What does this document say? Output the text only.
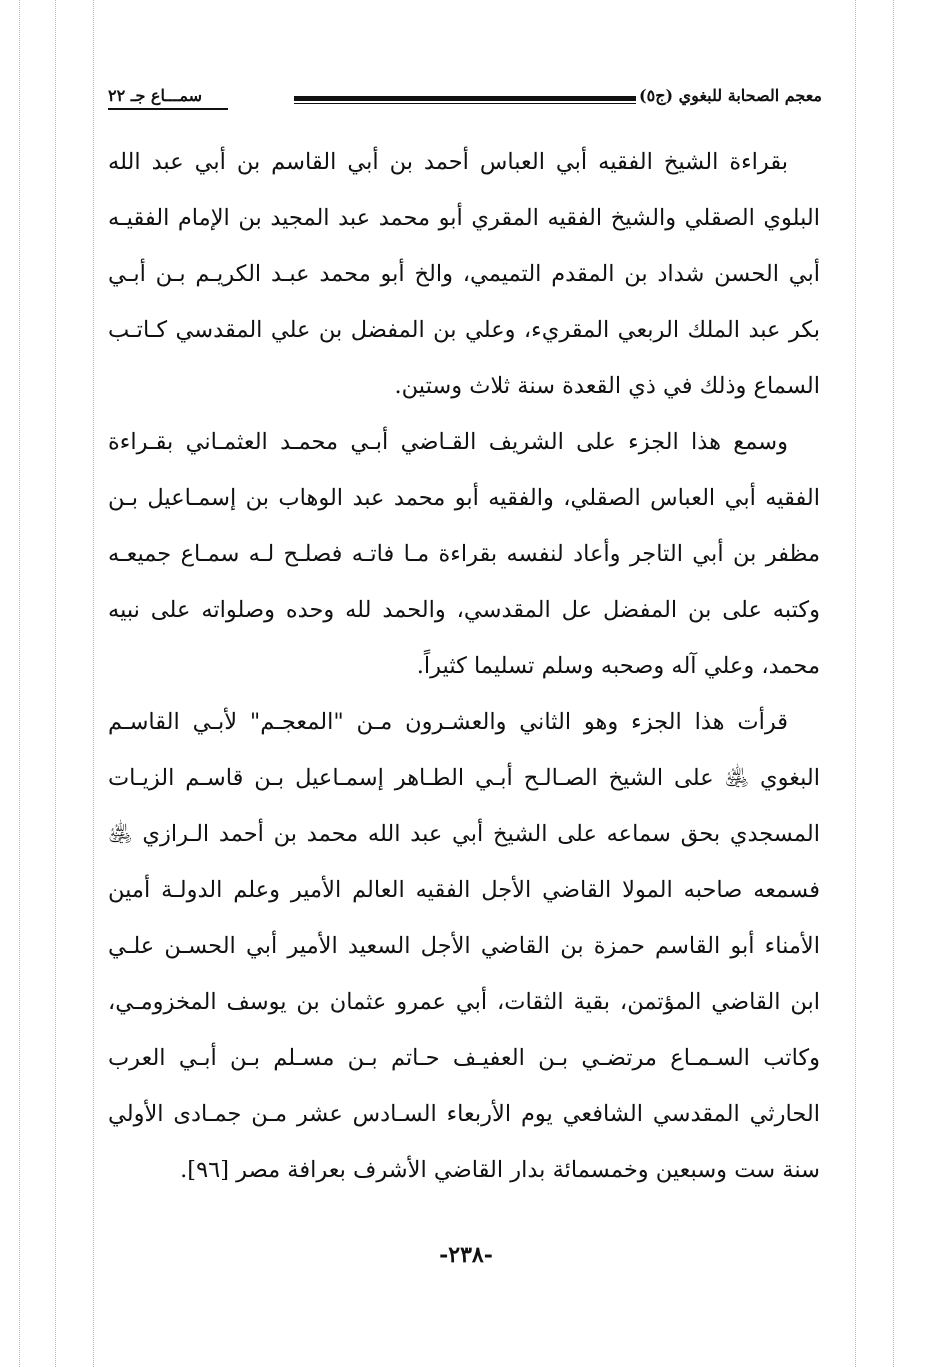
معجم الصحابة للبغوي (ج٥)
سمـــاع جـ ٢٢

بقراءة الشيخ الفقيه أبي العباس أحمد بن أبي القاسم بن أبي عبد الله البلوي الصقلي والشيخ الفقيه المقري أبو محمد عبد المجيد بن الإمام الفقيـه أبي الحسن شداد بن المقدم التميمي، والخ أبو محمد عبـد الكريـم بـن أبـي بكر عبد الملك الربعي المقريء، وعلي بن المفضل بن علي المقدسي كـاتـب السماع وذلك في ذي القعدة سنة ثلاث وستين.

وسمع هذا الجزء على الشريف القـاضي أبـي محمـد العثمـاني بقـراءة الفقيه أبي العباس الصقلي، والفقيه أبو محمد عبد الوهاب بن إسمـاعيل بـن مظفر بن أبي التاجر وأعاد لنفسه بقراءة مـا فاتـه فصلـح لـه سمـاع جميعـه وكتبه على بن المفضل عل المقدسي، والحمد لله وحده وصلواته على نبيه محمد، وعلي آله وصحبه وسلم تسليما كثيراً.

قرأت هذا الجزء وهو الثاني والعشـرون مـن "المعجـم" لأبـي القاسـم البغوي ﵁ على الشيخ الصـالـح أبـي الطـاهر إسمـاعيل بـن قاسـم الزيـات المسجدي بحق سماعه على الشيخ أبي عبد الله محمد بن أحمد الـرازي ﵁ فسمعه صاحبه المولا القاضي الأجل الفقيه العالم الأمير وعلم الدولـة أمين الأمناء أبو القاسم حمزة بن القاضي الأجل السعيد الأمير أبي الحسـن علـي ابن القاضي المؤتمن، بقية الثقات، أبي عمرو عثمان بن يوسف المخزومـي، وكاتب السـمـاع مرتضـي بـن العفيـف حـاتم بـن مسـلم بـن أبـي العرب الحارثي المقدسي الشافعي يوم الأربعاء السـادس عشر مـن جمـادى الأولي سنة ست وسبعين وخمسمائة بدار القاضي الأشرف بعرافة مصر [٩٦].

-٢٣٨-
